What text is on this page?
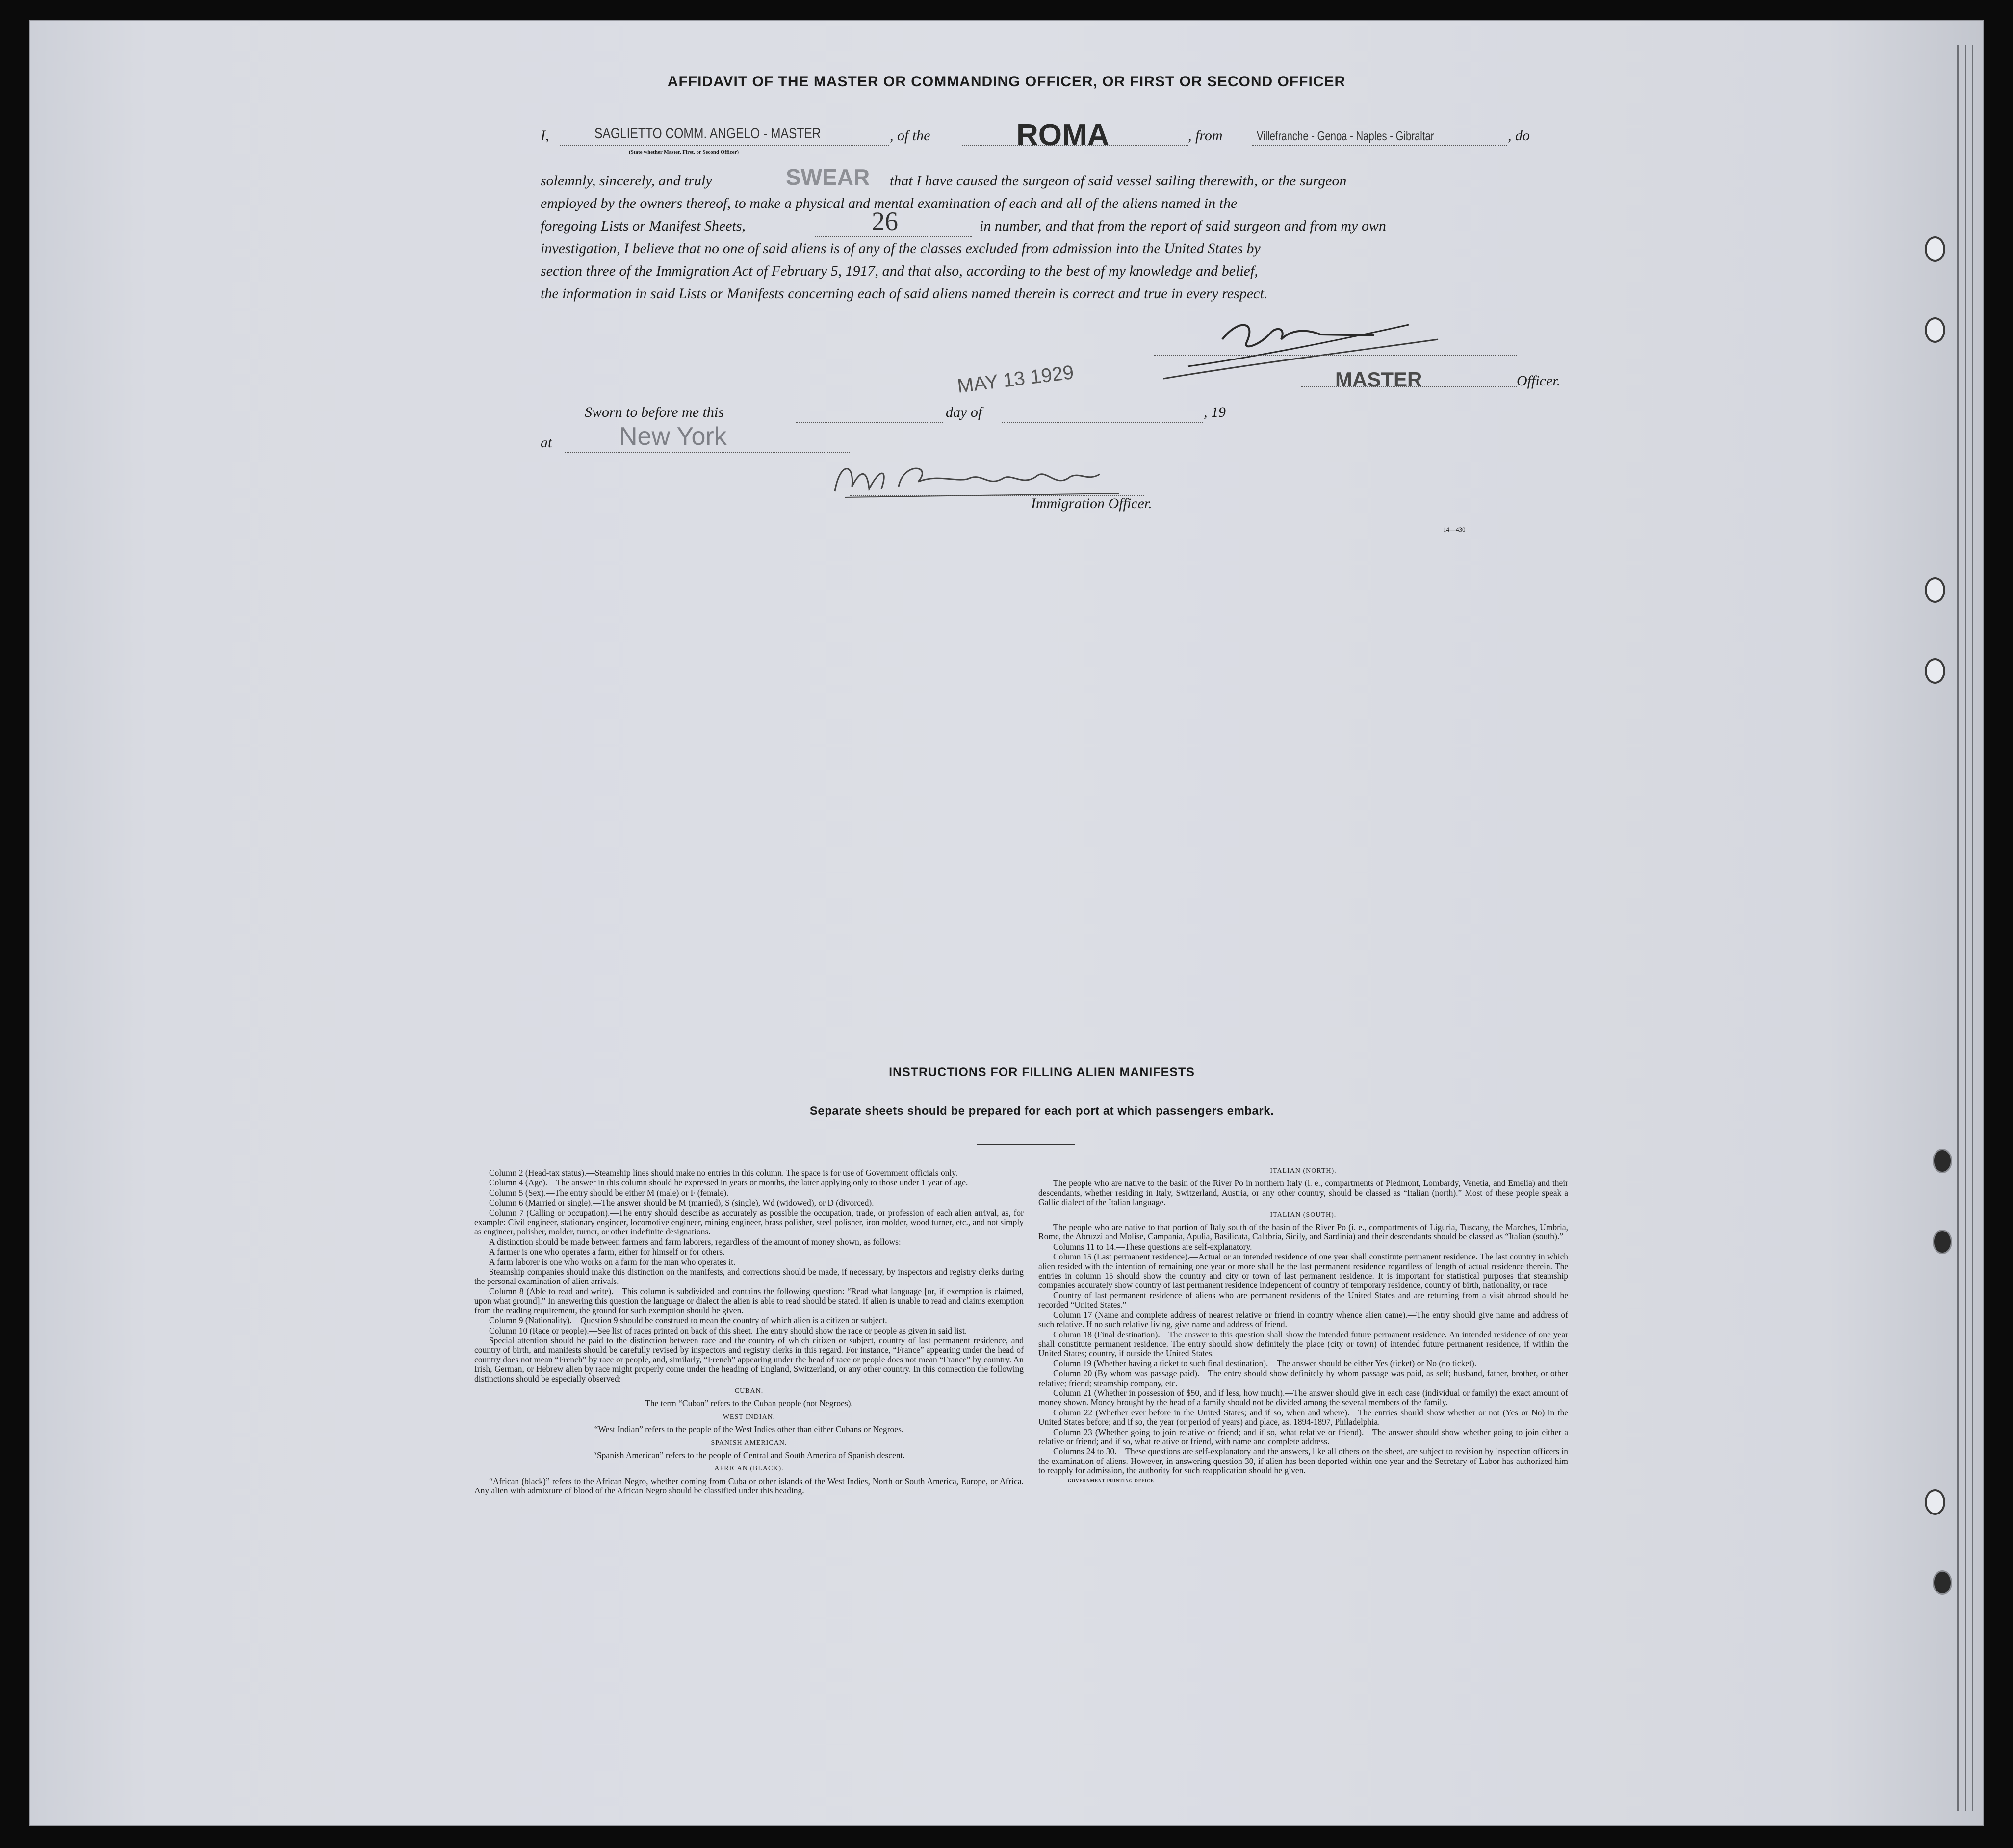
AFFIDAVIT OF THE MASTER OR COMMANDING OFFICER, OR FIRST OR SECOND OFFICER
I,	SAGLIETTO COMM. ANGELO - MASTER
(State whether Master, First, or Second Officer)
, of the	ROMA	, from	Villefranche - Genoa - Naples - Gibraltar	, do
solemnly, sincerely, and truly	SWEAR that I have caused the surgeon of said vessel sailing therewith, or the surgeon
employed by the owners thereof, to make a physical and mental examination of each and all of the aliens named in the
foregoing Lists or Manifest Sheets,	26	in number, and that from the report of said surgeon and from my own
investigation, I believe that no one of said aliens is of any of the classes excluded from admission into the United States by
section three of the Immigration Act of February 5, 1917, and that also, according to the best of my knowledge and belief,
the information in said Lists or Manifests concerning each of said aliens named therein is correct and true in every respect.
MASTER	Officer.
Sworn to before me this
MAY 13 1929
day of	, 19
at	New York
Immigration Officer.
14—430
INSTRUCTIONS FOR FILLING ALIEN MANIFESTS
Separate sheets should be prepared for each port at which passengers embark.

Column 2 (Head-tax status).—Steamship lines should make no entries in this column. The space is for use of Government officials only.

Column 4 (Age).—The answer in this column should be expressed in years or months, the latter applying only to those under 1 year of age.

Column 5 (Sex).—The entry should be either M (male) or F (female).

Column 6 (Married or single).—The answer should be M (married), S (single), Wd (widowed), or D (divorced).

Column 7 (Calling or occupation).—The entry should describe as accurately as possible the occupation, trade, or profession of each alien arrival, as, for example: Civil engineer, stationary engineer, locomotive engineer, mining engineer, brass polisher, steel polisher, iron molder, wood turner, etc., and not simply as engineer, polisher, molder, turner, or other indefinite designations.

A distinction should be made between farmers and farm laborers, regardless of the amount of money shown, as follows:

A farmer is one who operates a farm, either for himself or for others.

A farm laborer is one who works on a farm for the man who operates it.

Steamship companies should make this distinction on the manifests, and corrections should be made, if necessary, by inspectors and registry clerks during the personal examination of alien arrivals.

Column 8 (Able to read and write).—This column is subdivided and contains the following question: “Read what language [or, if exemption is claimed, upon what ground].” In answering this question the language or dialect the alien is able to read should be stated. If alien is unable to read and claims exemption from the reading requirement, the ground for such exemption should be given.

Column 9 (Nationality).—Question 9 should be construed to mean the country of which alien is a citizen or subject.

Column 10 (Race or people).—See list of races printed on back of this sheet. The entry should show the race or people as given in said list.

Special attention should be paid to the distinction between race and the country of which citizen or subject, country of last permanent residence, and country of birth, and manifests should be carefully revised by inspectors and registry clerks in this regard. For instance, “France” appearing under the head of country does not mean “French” by race or people, and, similarly, “French” appearing under the head of race or people does not mean “France” by country. An Irish, German, or Hebrew alien by race might properly come under the heading of England, Switzerland, or any other country. In this connection the following distinctions should be especially observed:

CUBAN.
The term “Cuban” refers to the Cuban people (not Negroes).
WEST INDIAN.
“West Indian” refers to the people of the West Indies other than either Cubans or Negroes.
SPANISH AMERICAN.
“Spanish American” refers to the people of Central and South America of Spanish descent.
AFRICAN (BLACK).

“African (black)” refers to the African Negro, whether coming from Cuba or other islands of the West Indies, North or South America, Europe, or Africa. Any alien with admixture of blood of the African Negro should be classified under this heading.

ITALIAN (NORTH).

The people who are native to the basin of the River Po in northern Italy (i. e., compartments of Piedmont, Lombardy, Venetia, and Emelia) and their descendants, whether residing in Italy, Switzerland, Austria, or any other country, should be classed as “Italian (north).” Most of these people speak a Gallic dialect of the Italian language.

ITALIAN (SOUTH).

The people who are native to that portion of Italy south of the basin of the River Po (i. e., compartments of Liguria, Tuscany, the Marches, Umbria, Rome, the Abruzzi and Molise, Campania, Apulia, Basilicata, Calabria, Sicily, and Sardinia) and their descendants should be classed as “Italian (south).”

Columns 11 to 14.—These questions are self-explanatory.

Column 15 (Last permanent residence).—Actual or an intended residence of one year shall constitute permanent residence. The last country in which alien resided with the intention of remaining one year or more shall be the last permanent residence regardless of length of actual residence therein. The entries in column 15 should show the country and city or town of last permanent residence. It is important for statistical purposes that steamship companies accurately show country of last permanent residence independent of country of temporary residence, country of birth, nationality, or race.

Country of last permanent residence of aliens who are permanent residents of the United States and are returning from a visit abroad should be recorded “United States.”

Column 17 (Name and complete address of nearest relative or friend in country whence alien came).—The entry should give name and address of such relative. If no such relative living, give name and address of friend.

Column 18 (Final destination).—The answer to this question shall show the intended future permanent residence. An intended residence of one year shall constitute permanent residence. The entry should show definitely the place (city or town) of intended future permanent residence, if within the United States; country, if outside the United States.

Column 19 (Whether having a ticket to such final destination).—The answer should be either Yes (ticket) or No (no ticket).

Column 20 (By whom was passage paid).—The entry should show definitely by whom passage was paid, as self; husband, father, brother, or other relative; friend; steamship company, etc.

Column 21 (Whether in possession of $50, and if less, how much).—The answer should give in each case (individual or family) the exact amount of money shown. Money brought by the head of a family should not be divided among the several members of the family.

Column 22 (Whether ever before in the United States; and if so, when and where).—The entries should show whether or not (Yes or No) in the United States before; and if so, the year (or period of years) and place, as, 1894-1897, Philadelphia.

Column 23 (Whether going to join relative or friend; and if so, what relative or friend).—The answer should show whether going to join either a relative or friend; and if so, what relative or friend, with name and complete address.

Columns 24 to 30.—These questions are self-explanatory and the answers, like all others on the sheet, are subject to revision by inspection officers in the examination of aliens. However, in answering question 30, if alien has been deported within one year and the Secretary of Labor has authorized him to reapply for admission, the authority for such reapplication should be given.

GOVERNMENT PRINTING OFFICE
